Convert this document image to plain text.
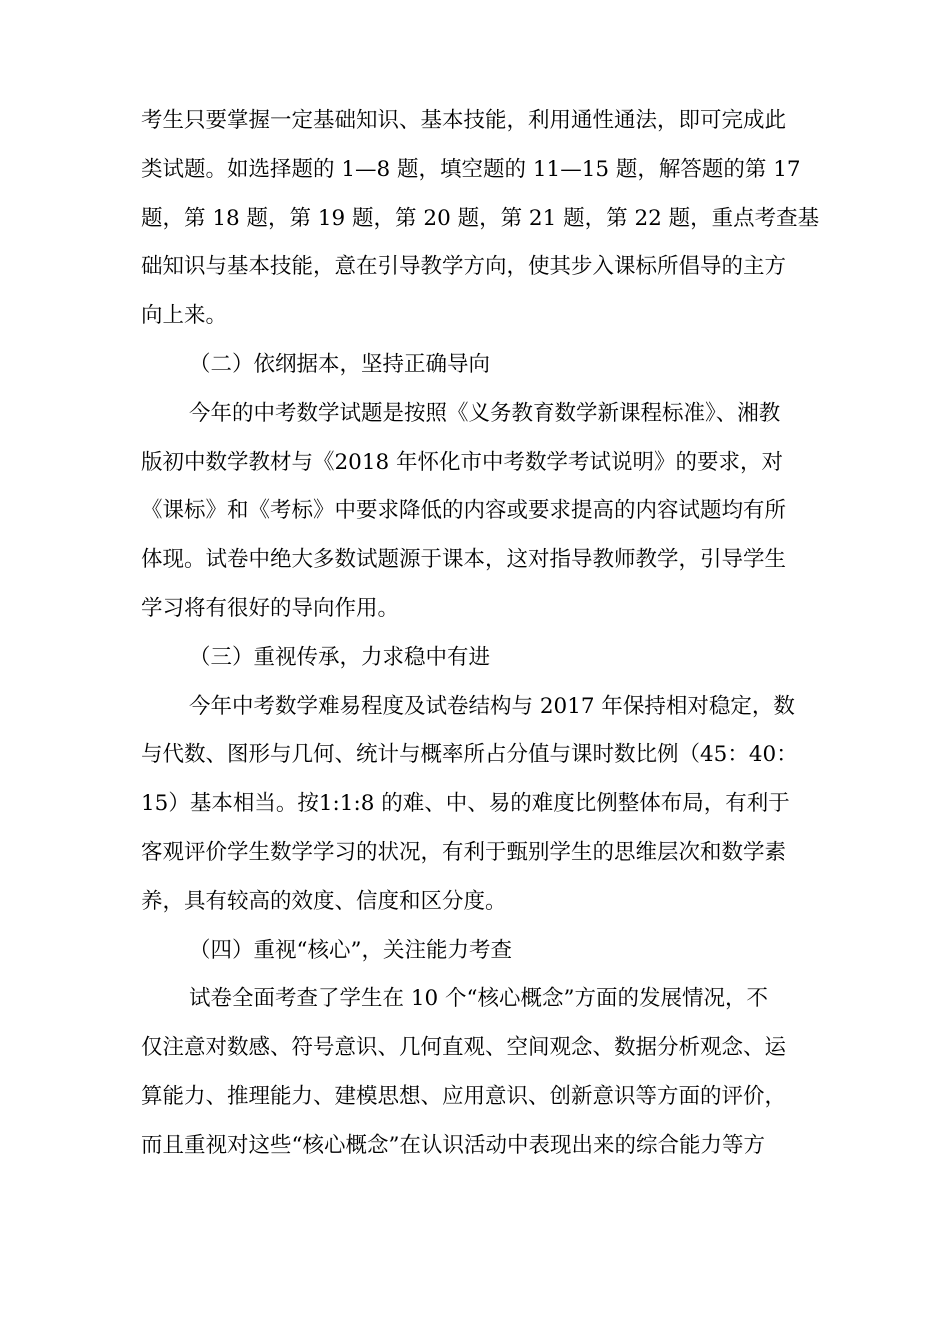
考生只要掌握一定基础知识、基本技能，利用通性通法，即可完成此
类试题。如选择题的 1—8 题，填空题的 11—15 题，解答题的第 17
题，第 18 题，第 19 题，第 20 题，第 21 题，第 22 题，重点考查基
础知识与基本技能，意在引导教学方向，使其步入课标所倡导的主方
向上来。
（二）依纲据本，坚持正确导向
今年的中考数学试题是按照《义务教育数学新课程标准》、湘教
版初中数学教材与《2018 年怀化市中考数学考试说明》的要求，对
《课标》和《考标》中要求降低的内容或要求提高的内容试题均有所
体现。试卷中绝大多数试题源于课本，这对指导教师教学，引导学生
学习将有很好的导向作用。
（三）重视传承，力求稳中有进
今年中考数学难易程度及试卷结构与 2017 年保持相对稳定，数
与代数、图形与几何、统计与概率所占分值与课时数比例（45：40：
15）基本相当。按1:1:8 的难、中、易的难度比例整体布局，有利于
客观评价学生数学学习的状况，有利于甄别学生的思维层次和数学素
养，具有较高的效度、信度和区分度。
（四）重视“核心”，关注能力考查
试卷全面考查了学生在 10 个“核心概念”方面的发展情况，不
仅注意对数感、符号意识、几何直观、空间观念、数据分析观念、运
算能力、推理能力、建模思想、应用意识、创新意识等方面的评价，
而且重视对这些“核心概念”在认识活动中表现出来的综合能力等方
